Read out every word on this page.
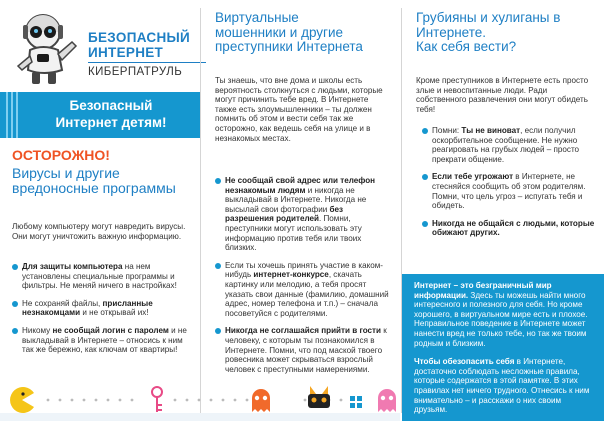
БЕЗОПАСНЫЙ
ИНТЕРНЕТ
КИБЕРПАТРУЛЬ
Безопасный
Интернет детям!
ОСТОРОЖНО!
Вирусы и другие
вредоносные программы

Любому компьютеру могут навредить вирусы. Они могут уничтожить важную информацию.

Для защиты компьютера на нем установлены специальные программы и фильтры. Не меняй ничего в настройках!
Не сохраняй файлы, присланные незнакомцами и не открывай их!
Никому не сообщай логин с паролем и не выкладывай в Интернете – относись к ним так же бережно, как ключам от квартиры!
Виртуальные
мошенники и другие
преступники Интернета

Ты знаешь, что вне дома и школы есть вероятность столкнуться с людьми, которые могут причинить тебе вред. В Интернете также есть злоумышленники – ты должен помнить об этом и вести себя так же осторожно, как ведешь себя на улице и в незнакомых местах.

Не сообщай свой адрес или телефон незнакомым людям и никогда не выкладывай в Интернете. Никогда не высылай свои фотографии без разрешения родителей. Помни, преступники могут использовать эту информацию против тебя или твоих близких.
Если ты хочешь принять участие в каком-нибудь интернет-конкурсе, скачать картинку или мелодию, а тебя просят указать свои данные (фамилию, домашний адрес, номер телефона и т.п.) – сначала посоветуйся с родителями.
Никогда не соглашайся прийти в гости к человеку, с которым ты познакомился в Интернете. Помни, что под маской твоего ровесника может скрываться взрослый человек с преступными намерениями.
Грубияны и хулиганы в
Интернете.
Как себя вести?

Кроме преступников в Интернете есть просто злые и невоспитанные люди. Ради собственного развлечения они могут обидеть тебя!

Помни: Ты не виноват, если получил оскорбительное сообщение. Не нужно реагировать на грубых людей – просто прекрати общение.
Если тебе угрожают в Интернете, не стесняйся сообщить об этом родителям. Помни, что цель угроз – испугать тебя и обидеть.
Никогда не общайся с людьми, которые обижают других.

Интернет – это безграничный мир информации. Здесь ты можешь найти много интересного и полезного для себя. Но кроме хорошего, в виртуальном мире есть и плохое. Неправильное поведение в Интернете может нанести вред не только тебе, но так же твоим родным и близким.

Чтобы обезопасить себя в Интернете, достаточно соблюдать несложные правила, которые содержатся в этой памятке. В этих правилах нет ничего трудного. Отнесись к ним внимательно – и расскажи о них своим друзьям.
